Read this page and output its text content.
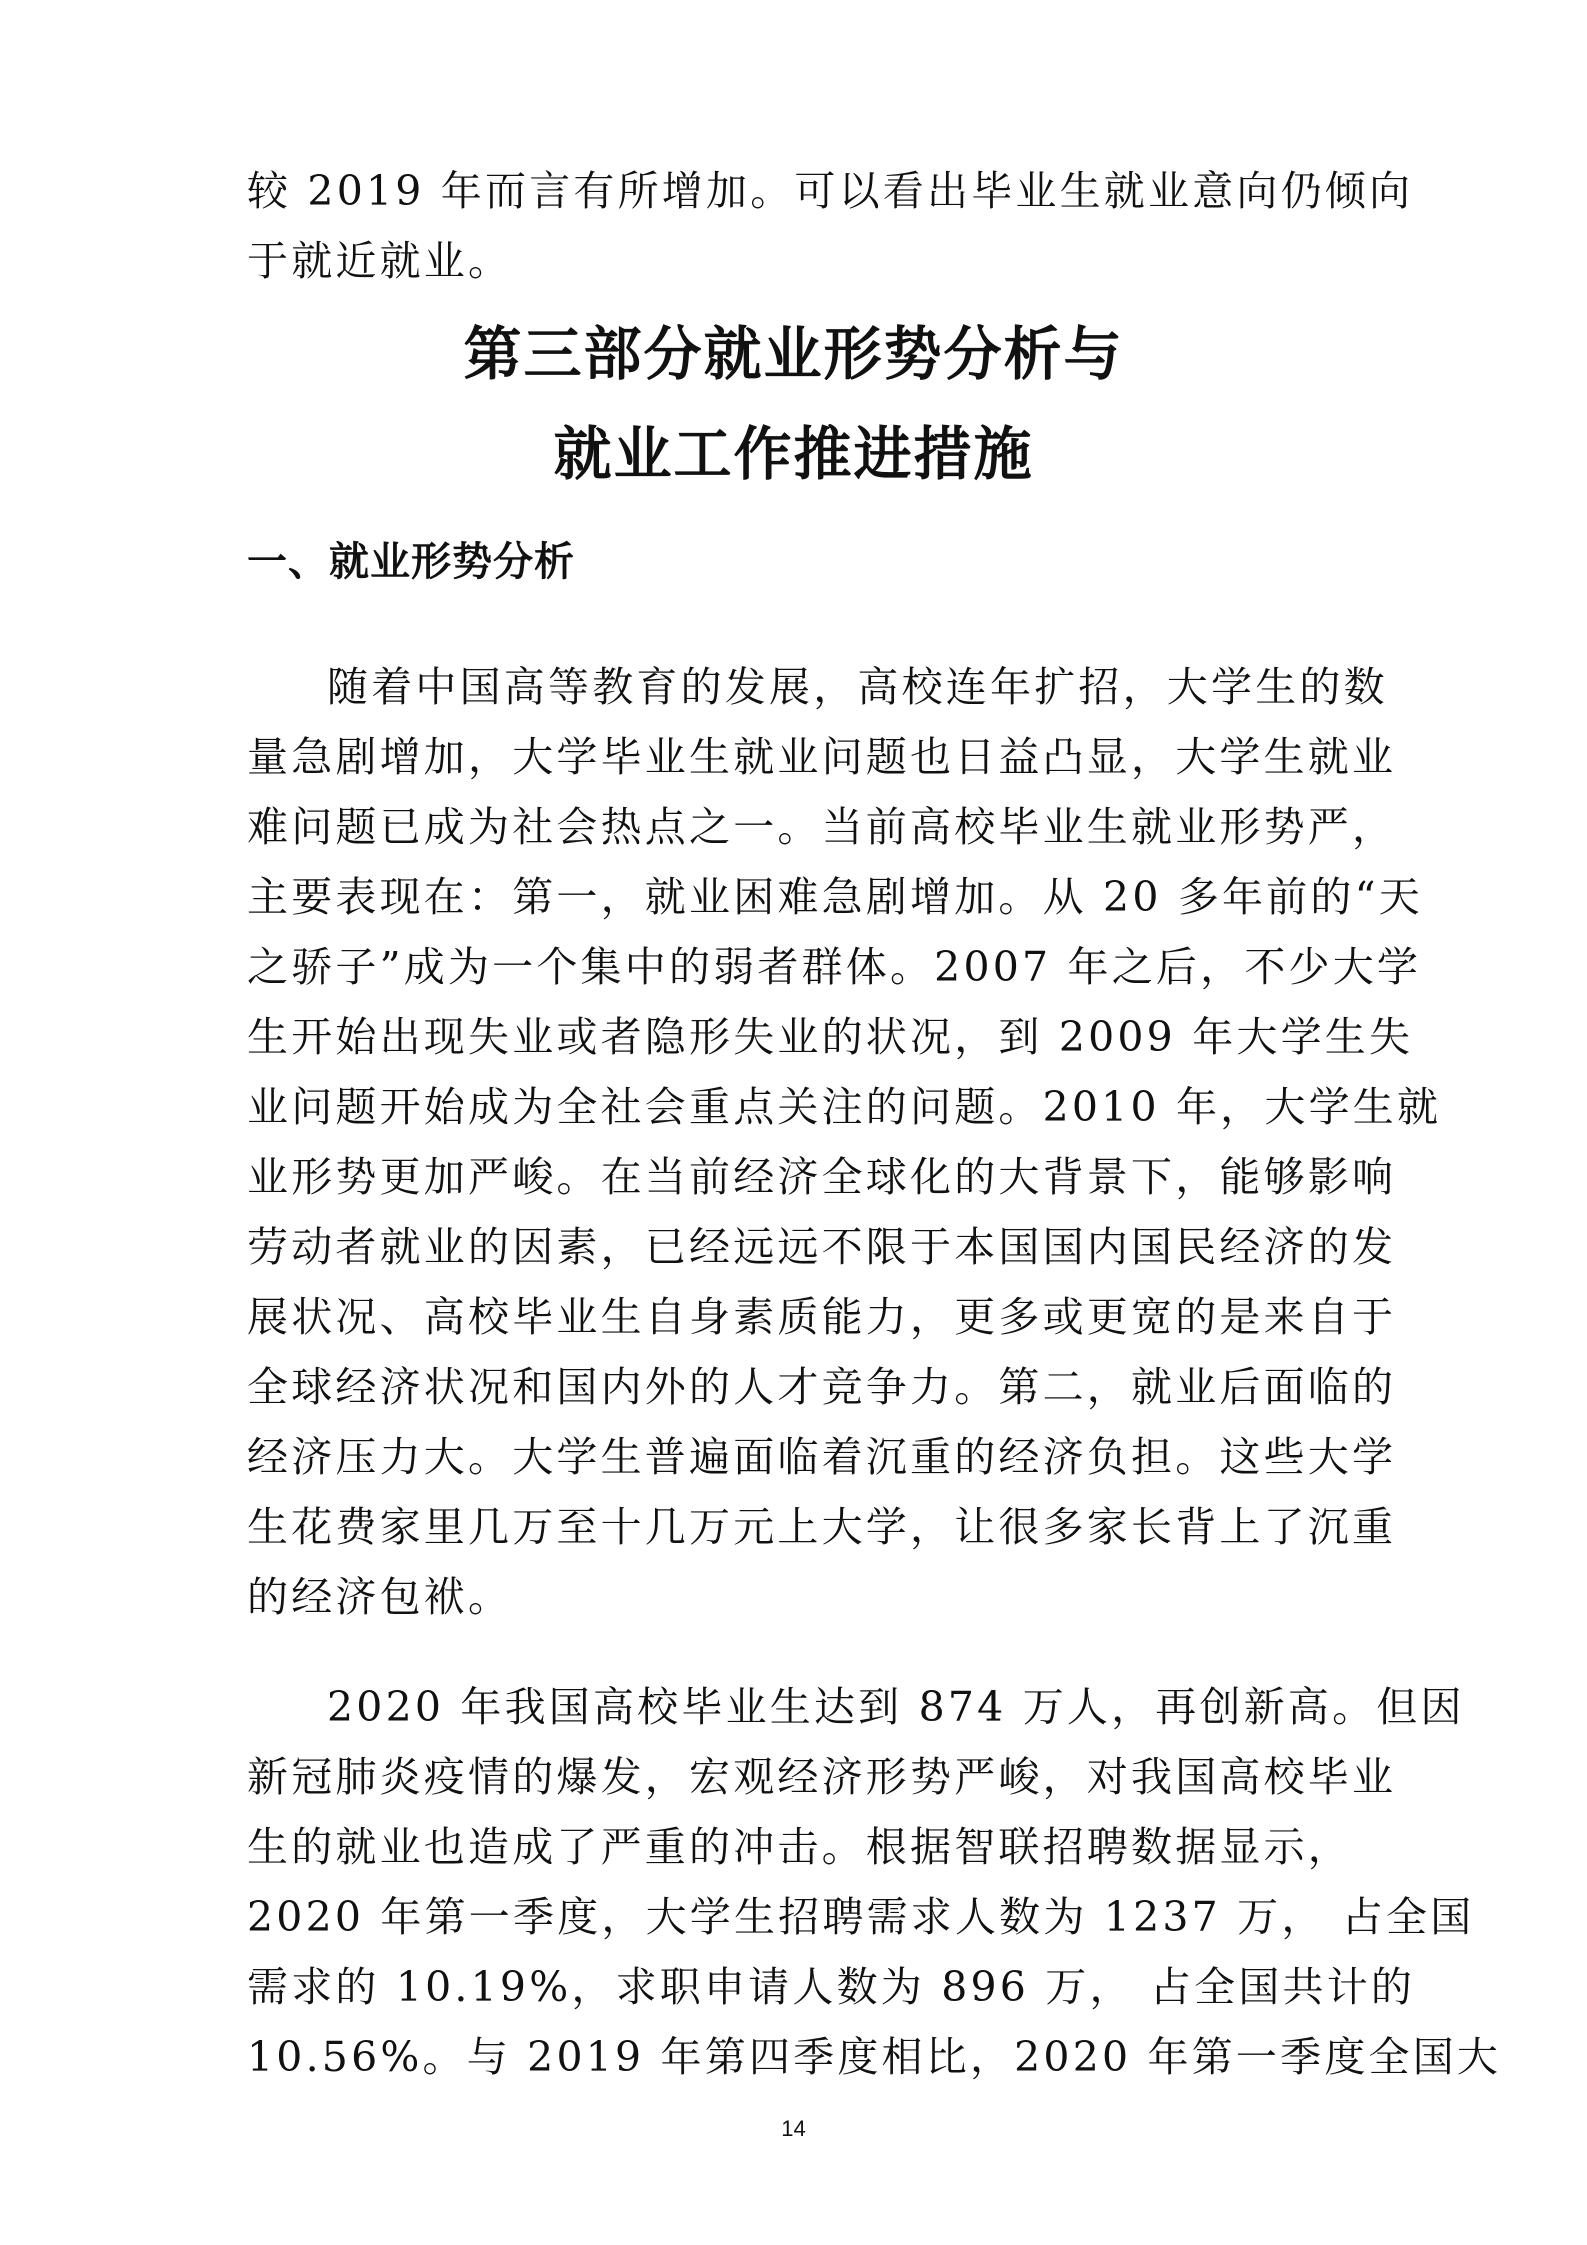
较 2019 年而言有所增加。可以看出毕业生就业意向仍倾向
于就近就业。
第三部分就业形势分析与
就业工作推进措施
一、就业形势分析
随着中国高等教育的发展，高校连年扩招，大学生的数
量急剧增加，大学毕业生就业问题也日益凸显，大学生就业
难问题已成为社会热点之一。当前高校毕业生就业形势严，
主要表现在：第一，就业困难急剧增加。从 20 多年前的“天
之骄子”成为一个集中的弱者群体。2007 年之后，不少大学
生开始出现失业或者隐形失业的状况，到 2009 年大学生失
业问题开始成为全社会重点关注的问题。2010 年，大学生就
业形势更加严峻。在当前经济全球化的大背景下，能够影响
劳动者就业的因素，已经远远不限于本国国内国民经济的发
展状况、高校毕业生自身素质能力，更多或更宽的是来自于
全球经济状况和国内外的人才竞争力。第二，就业后面临的
经济压力大。大学生普遍面临着沉重的经济负担。这些大学
生花费家里几万至十几万元上大学，让很多家长背上了沉重
的经济包袱。
2020 年我国高校毕业生达到 874 万人，再创新高。但因
新冠肺炎疫情的爆发，宏观经济形势严峻，对我国高校毕业
生的就业也造成了严重的冲击。根据智联招聘数据显示，
2020 年第一季度，大学生招聘需求人数为 1237 万， 占全国
需求的 10.19%，求职申请人数为 896 万， 占全国共计的
10.56%。与 2019 年第四季度相比，2020 年第一季度全国大
14
